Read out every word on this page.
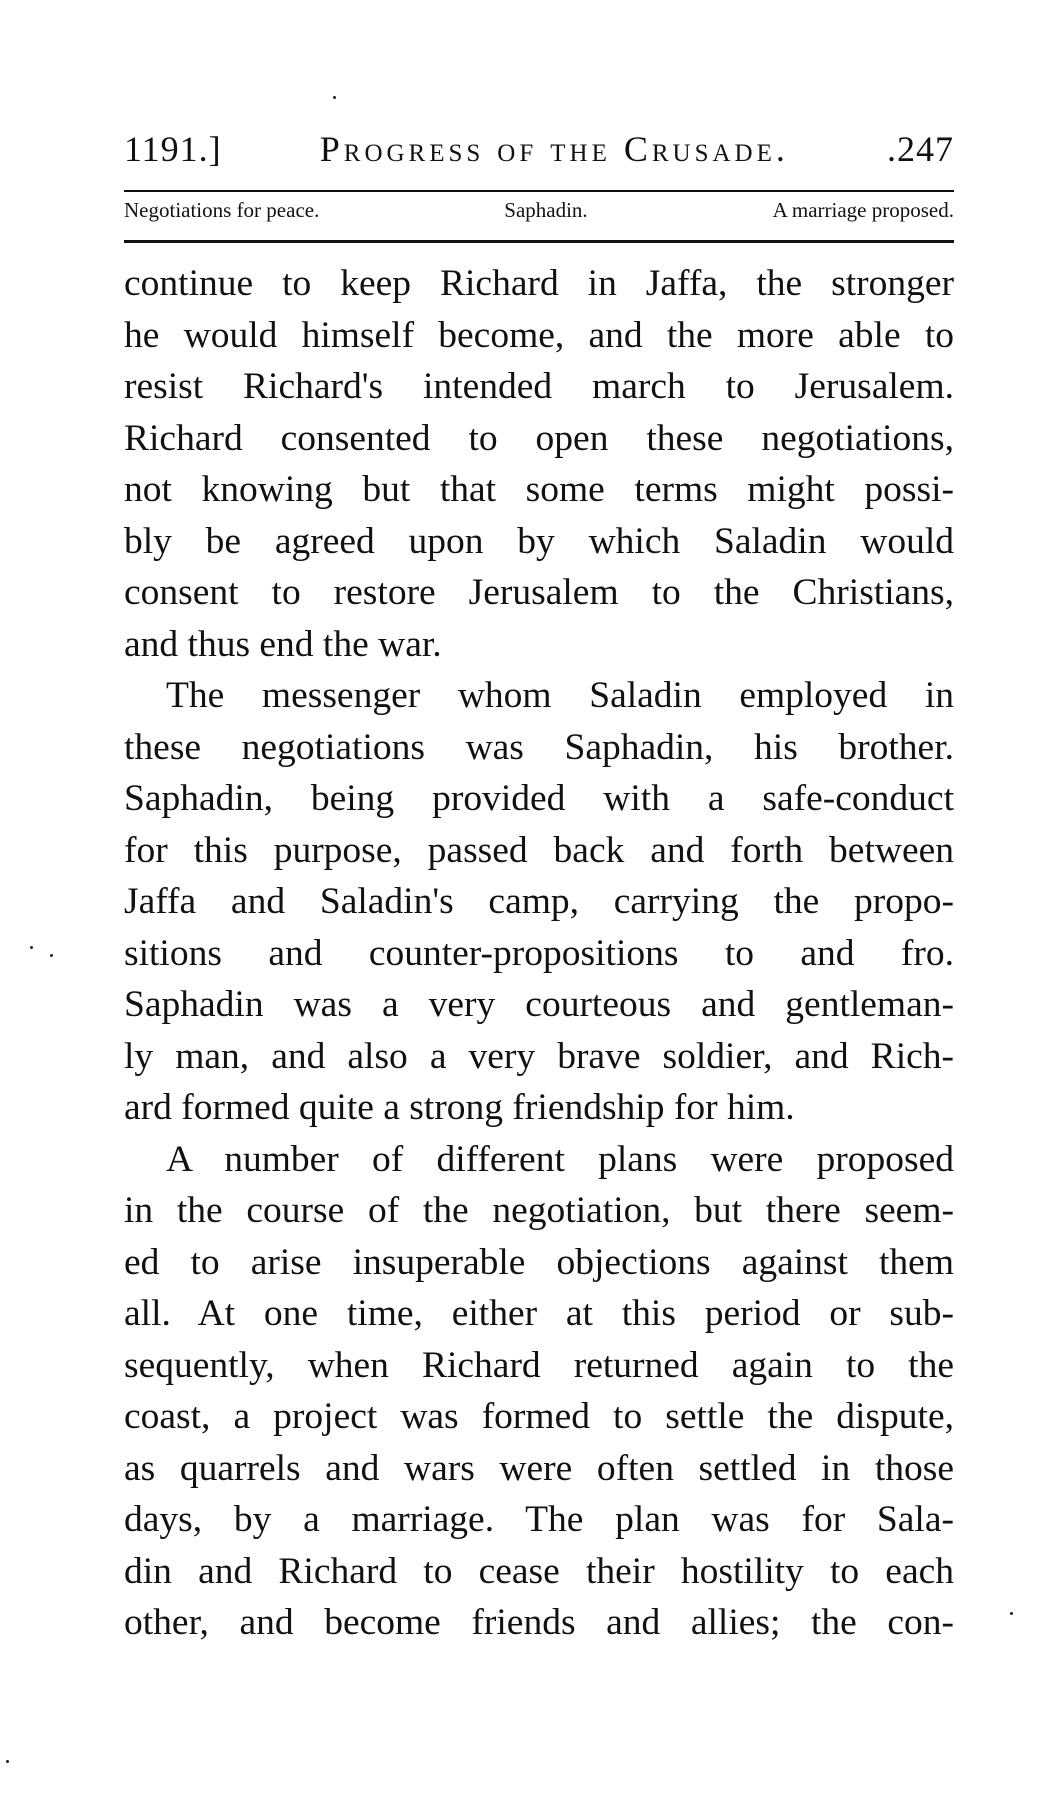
1191.]	Progress of the Crusade.	.247
Negotiations for peace.	Saphadin.	A marriage proposed.
continue to keep Richard in Jaffa, the stronger
he would himself become, and the more able to
resist Richard's intended march to Jerusalem.
Richard consented to open these negotiations,
not knowing but that some terms might possi-
bly be agreed upon by which Saladin would
consent to restore Jerusalem to the Christians,
and thus end the war.
The messenger whom Saladin employed in
these negotiations was Saphadin, his brother.
Saphadin, being provided with a safe-conduct
for this purpose, passed back and forth between
Jaffa and Saladin's camp, carrying the propo-
sitions and counter-propositions to and fro.
Saphadin was a very courteous and gentleman-
ly man, and also a very brave soldier, and Rich-
ard formed quite a strong friendship for him.
A number of different plans were proposed
in the course of the negotiation, but there seem-
ed to arise insuperable objections against them
all. At one time, either at this period or sub-
sequently, when Richard returned again to the
coast, a project was formed to settle the dispute,
as quarrels and wars were often settled in those
days, by a marriage. The plan was for Sala-
din and Richard to cease their hostility to each
other, and become friends and allies; the con-
